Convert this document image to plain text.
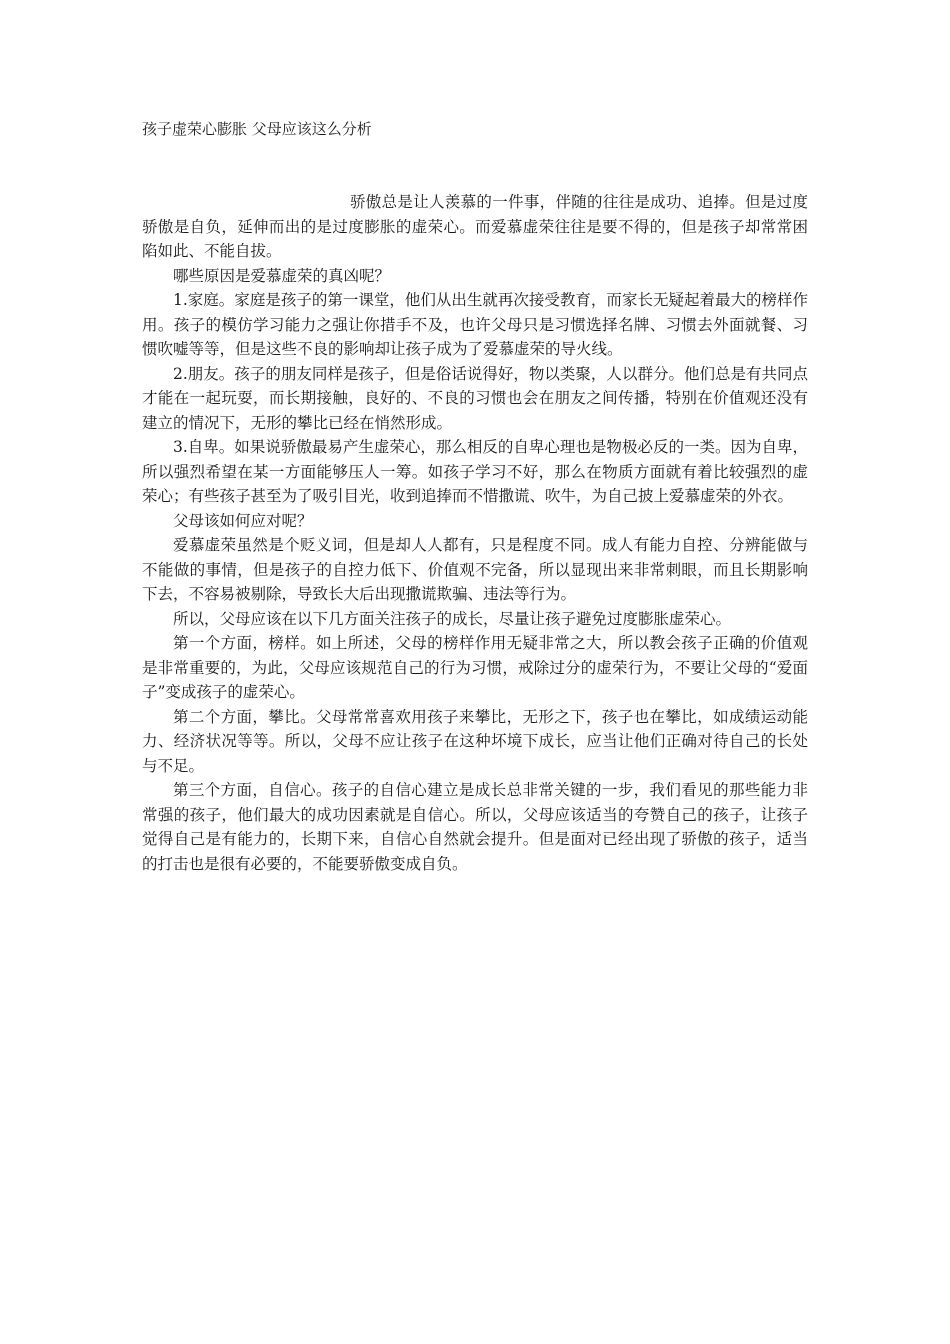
孩子虚荣心膨胀 父母应该这么分析

骄傲总是让人羡慕的一件事，伴随的往往是成功、追捧。但是过度骄傲是自负，延伸而出的是过度膨胀的虚荣心。而爱慕虚荣往往是要不得的，但是孩子却常常困陷如此、不能自拔。

哪些原因是爱慕虚荣的真凶呢？

1.家庭。家庭是孩子的第一课堂，他们从出生就再次接受教育，而家长无疑起着最大的榜样作用。孩子的模仿学习能力之强让你措手不及，也许父母只是习惯选择名牌、习惯去外面就餐、习惯吹嘘等等，但是这些不良的影响却让孩子成为了爱慕虚荣的导火线。

2.朋友。孩子的朋友同样是孩子，但是俗话说得好，物以类聚，人以群分。他们总是有共同点才能在一起玩耍，而长期接触，良好的、不良的习惯也会在朋友之间传播，特别在价值观还没有建立的情况下，无形的攀比已经在悄然形成。

3.自卑。如果说骄傲最易产生虚荣心，那么相反的自卑心理也是物极必反的一类。因为自卑，所以强烈希望在某一方面能够压人一筹。如孩子学习不好，那么在物质方面就有着比较强烈的虚荣心；有些孩子甚至为了吸引目光，收到追捧而不惜撒谎、吹牛，为自己披上爱慕虚荣的外衣。

父母该如何应对呢？

爱慕虚荣虽然是个贬义词，但是却人人都有，只是程度不同。成人有能力自控、分辨能做与不能做的事情，但是孩子的自控力低下、价值观不完备，所以显现出来非常刺眼，而且长期影响下去，不容易被剔除，导致长大后出现撒谎欺骗、违法等行为。

所以，父母应该在以下几方面关注孩子的成长，尽量让孩子避免过度膨胀虚荣心。

第一个方面，榜样。如上所述，父母的榜样作用无疑非常之大，所以教会孩子正确的价值观是非常重要的，为此，父母应该规范自己的行为习惯，戒除过分的虚荣行为，不要让父母的“爱面子”变成孩子的虚荣心。

第二个方面，攀比。父母常常喜欢用孩子来攀比，无形之下，孩子也在攀比，如成绩运动能力、经济状况等等。所以，父母不应让孩子在这种坏境下成长，应当让他们正确对待自己的长处与不足。

第三个方面，自信心。孩子的自信心建立是成长总非常关键的一步，我们看见的那些能力非常强的孩子，他们最大的成功因素就是自信心。所以，父母应该适当的夸赞自己的孩子，让孩子觉得自己是有能力的，长期下来，自信心自然就会提升。但是面对已经出现了骄傲的孩子，适当的打击也是很有必要的，不能要骄傲变成自负。
